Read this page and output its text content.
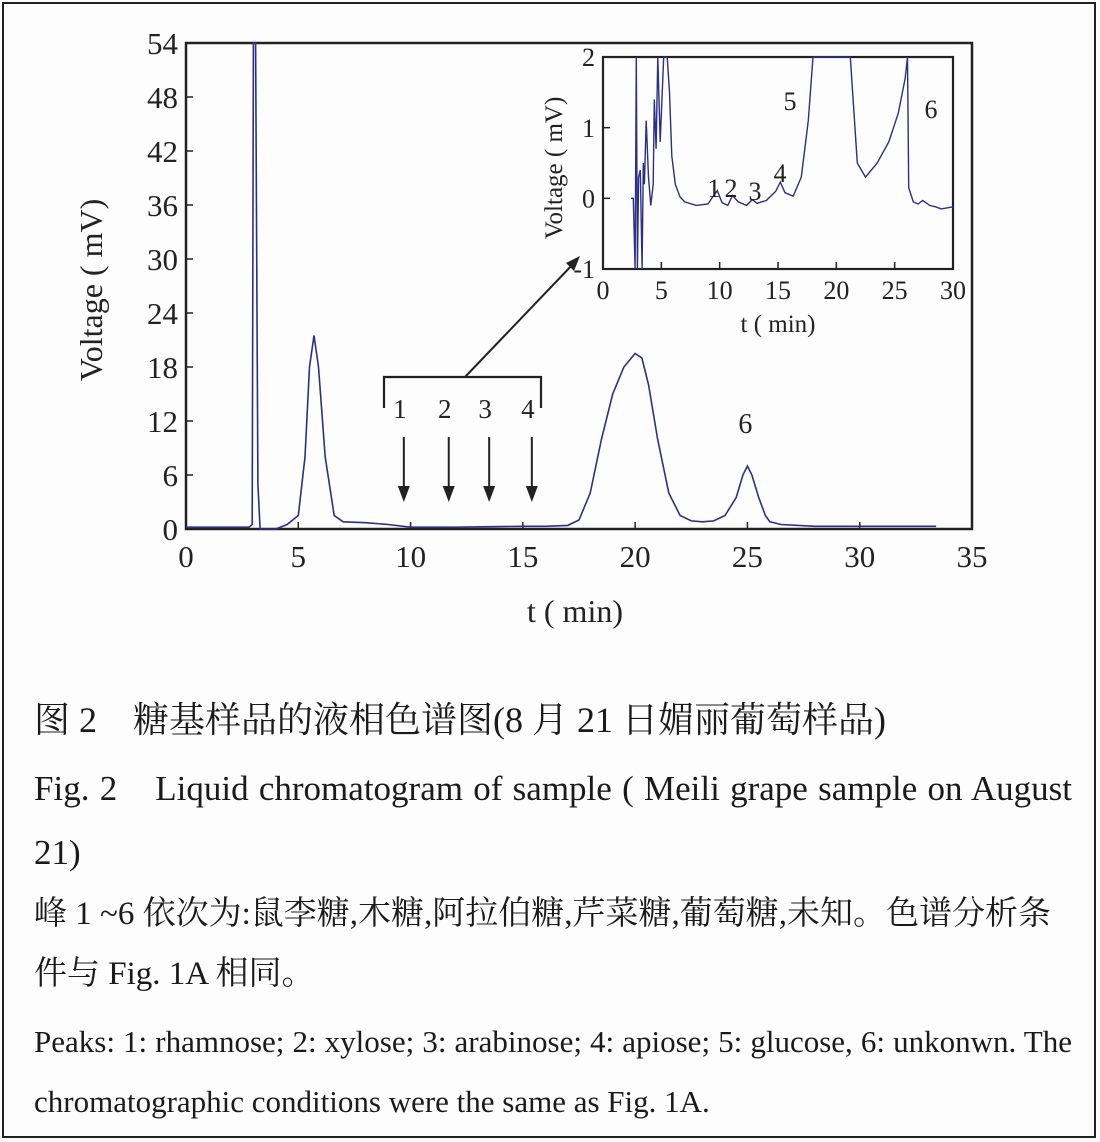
0	5	10	15	20	25	30	35
0
6
12
18
24
30
36
42
48
54
1 2 3 4	6
t ( min)
Voltage ( mV)	0 5 10 15 20 25 30
-1
0
1
2
1 2 3
4
5	6
t ( min)
Voltage ( mV)

图 2　糖基样品的液相色谱图(8 月 21 日媚丽葡萄样品)

Fig. 2　Liquid chromatogram of sample ( Meili grape sample on August 21)

峰 1 ~6 依次为:鼠李糖,木糖,阿拉伯糖,芹菜糖,葡萄糖,未知。色谱分析条件与 Fig. 1A 相同。

Peaks: 1: rhamnose; 2: xylose; 3: arabinose; 4: apiose; 5: glucose, 6: unkonwn. The chromatographic conditions were the same as Fig. 1A.
